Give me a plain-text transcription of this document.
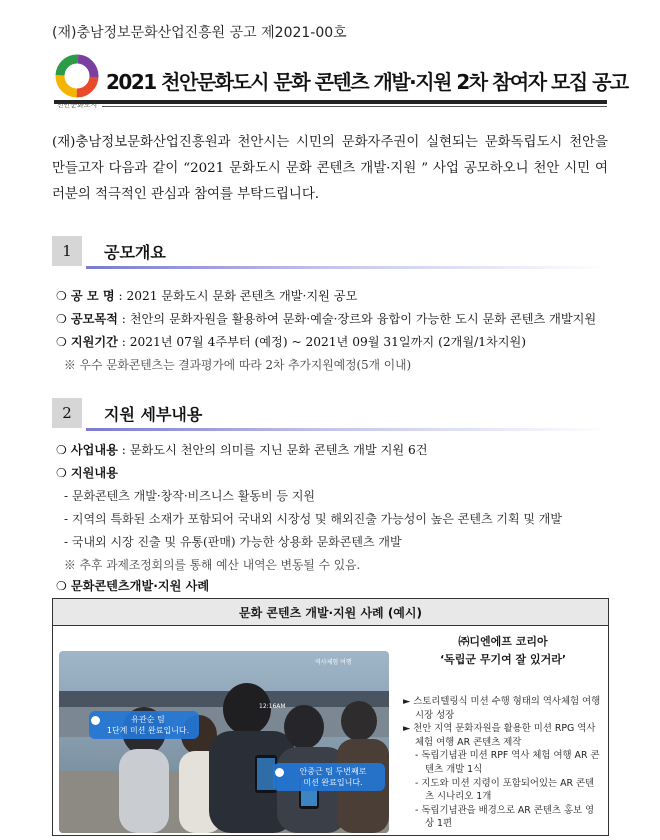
(재)충남정보문화산업진흥원 공고 제2021-00호
천안문화도시
2021 천안문화도시 문화 콘텐츠 개발·지원 2차 참여자 모집 공고
(재)충남정보문화산업진흥원과 천안시는 시민의 문화자주권이 실현되는 문화독립도시 천안을 만들고자 다음과 같이 “2021 문화도시 문화 콘텐츠 개발·지원 ” 사업 공모하오니 천안 시민 여러분의 적극적인 관심과 참여를 부탁드립니다.
1	공모개요
❍ 공 모 명 : 2021 문화도시 문화 콘텐츠 개발·지원 공모
❍ 공모목적 : 천안의 문화자원을 활용하여 문화·예술·장르와 융합이 가능한 도시 문화 콘텐츠 개발지원
❍ 지원기간 : 2021년 07월 4주부터 (예정) ~ 2021년 09월 31일까지 (2개월/1차지원)
※ 우수 문화콘텐츠는 결과평가에 따라 2차 추가지원예정(5개 이내)
2	지원 세부내용
❍ 사업내용 : 문화도시 천안의 의미를 지닌 문화 콘텐츠 개발 지원 6건
❍ 지원내용
- 문화콘텐츠 개발·창작·비즈니스 활동비 등 지원
- 지역의 특화된 소재가 포함되어 국내외 시장성 및 해외진출 가능성이 높은 콘텐츠 기획 및 개발
- 국내외 시장 진출 및 유통(판매) 가능한 상용화 문화콘텐츠 개발
※ 추후 과제조정회의를 통해 예산 내역은 변동될 수 있음.
❍ 문화콘텐츠개발·지원 사례
문화 콘텐츠 개발·지원 사례 (예시)
역사체험 여행
12:16AM
유관순 팀
1단계 미션 완료입니다.
안중근 팀 두번째로
미션 완료입니다.
㈜디엔에프 코리아
‘독립군 무기여 잘 있거라’
► 스토리텔링식 미션 수행 형태의 역사체험 여행시장 성장
► 천안 지역 문화자원을 활용한 미션 RPG 역사 체험 여행 AR 콘텐츠 제작
- 독립기념관 미션 RPF 역사 체험 여행 AR 콘텐츠 개발 1식
- 지도와 미션 지령이 포함되어있는 AR 콘텐츠 시나리오 1개
- 독립기념관을 배경으로 AR 콘텐츠 홍보 영상 1편
